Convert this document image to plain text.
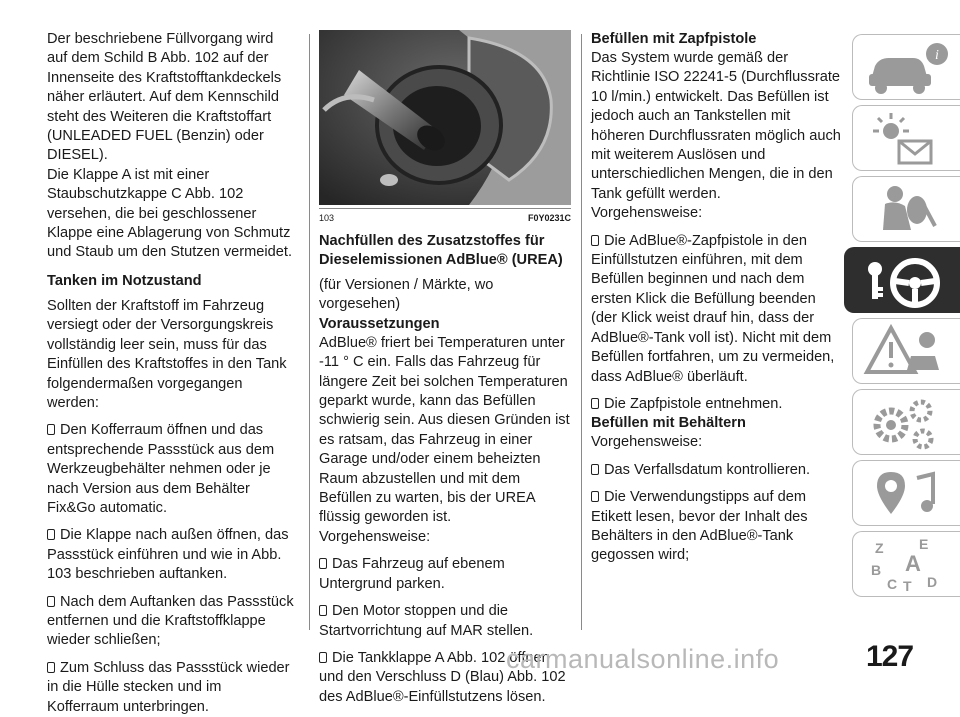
Der beschriebene Füllvorgang wird auf dem Schild B Abb. 102 auf der Innenseite des Kraftstofftankdeckels näher erläutert. Auf dem Kennschild steht des Weiteren die Kraftstoffart (UNLEADED FUEL (Benzin) oder DIESEL).

Die Klappe A ist mit einer Staubschutzkappe C Abb. 102 versehen, die bei geschlossener Klappe eine Ablagerung von Schmutz und Staub um den Stutzen vermeidet.

Tanken im Notzustand

Sollten der Kraftstoff im Fahrzeug versiegt oder der Versorgungskreis vollständig leer sein, muss für das Einfüllen des Kraftstoffes in den Tank folgendermaßen vorgegangen werden:

Den Kofferraum öffnen und das entsprechende Passstück aus dem Werkzeugbehälter nehmen oder je nach Version aus dem Behälter Fix&Go automatic.

Die Klappe nach außen öffnen, das Passstück einführen und wie in Abb. 103 beschrieben auftanken.

Nach dem Auftanken das Passstück entfernen und die Kraftstoffklappe wieder schließen;

Zum Schluss das Passstück wieder in die Hülle stecken und im Kofferraum unterbringen.

103	F0Y0231C
Nachfüllen des Zusatzstoffes für Dieselemissionen AdBlue® (UREA)

(für Versionen / Märkte, wo vorgesehen)

Voraussetzungen

AdBlue® friert bei Temperaturen unter -11 ° C ein. Falls das Fahrzeug für längere Zeit bei solchen Temperaturen geparkt wurde, kann das Befüllen schwierig sein. Aus diesen Gründen ist es ratsam, das Fahrzeug in einer Garage und/oder einem beheizten Raum abzustellen und mit dem Befüllen zu warten, bis der UREA flüssig geworden ist.

Vorgehensweise:

Das Fahrzeug auf ebenem Untergrund parken.

Den Motor stoppen und die Startvorrichtung auf MAR stellen.

Die Tankklappe A Abb. 102 öffnen und den Verschluss D (Blau) Abb. 102 des AdBlue®-Einfüllstutzens lösen.

Befüllen mit Zapfpistole

Das System wurde gemäß der Richtlinie ISO 22241-5 (Durchflussrate 10 l/min.) entwickelt. Das Befüllen ist jedoch auch an Tankstellen mit höheren Durchflussraten möglich auch mit weiterem Auslösen und unterschiedlichen Mengen, die in den Tank gefüllt werden.

Vorgehensweise:

Die AdBlue®-Zapfpistole in den Einfüllstutzen einführen, mit dem Befüllen beginnen und nach dem ersten Klick die Befüllung beenden (der Klick weist drauf hin, dass der AdBlue®-Tank voll ist). Nicht mit dem Befüllen fortfahren, um zu vermeiden, dass AdBlue® überläuft.

Die Zapfpistole entnehmen.

Befüllen mit Behältern

Vorgehensweise:

Das Verfallsdatum kontrollieren.

Die Verwendungstipps auf dem Etikett lesen, bevor der Inhalt des Behälters in den AdBlue®-Tank gegossen wird;

i
Z	E
B A
C T D
carmanualsonline.info	127
